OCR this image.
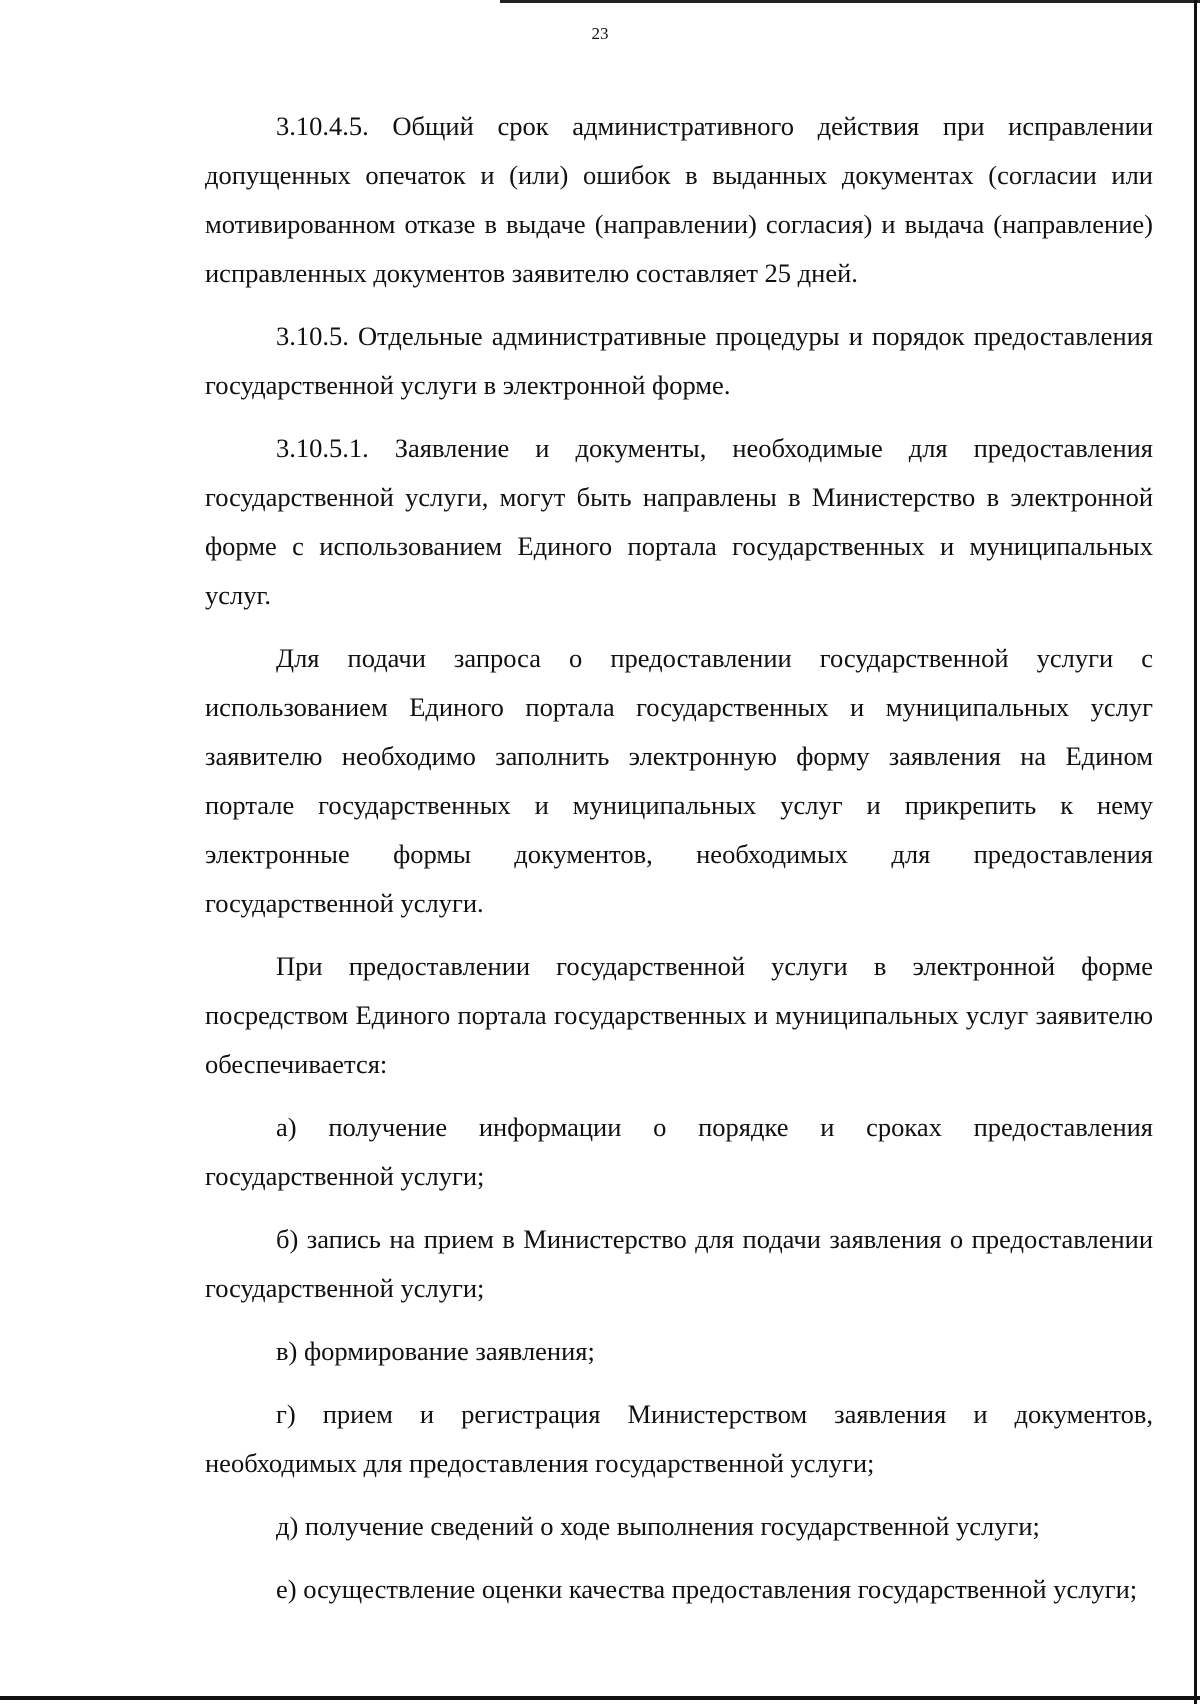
23

3.10.4.5. Общий срок административного действия при исправлении допущенных опечаток и (или) ошибок в выданных документах (согласии или мотивированном отказе в выдаче (направлении) согласия) и выдача (направление) исправленных документов заявителю составляет 25 дней.

3.10.5. Отдельные административные процедуры и порядок предоставления государственной услуги в электронной форме.

3.10.5.1. Заявление и документы, необходимые для предоставления государственной услуги, могут быть направлены в Министерство в электронной форме с использованием Единого портала государственных и муниципальных услуг.

Для подачи запроса о предоставлении государственной услуги с использованием Единого портала государственных и муниципальных услуг заявителю необходимо заполнить электронную форму заявления на Едином портале государственных и муниципальных услуг и прикрепить к нему электронные формы документов, необходимых для предоставления государственной услуги.

При предоставлении государственной услуги в электронной форме посредством Единого портала государственных и муниципальных услуг заявителю обеспечивается:

а) получение информации о порядке и сроках предоставления государственной услуги;

б) запись на прием в Министерство для подачи заявления о предоставлении государственной услуги;

в) формирование заявления;

г) прием и регистрация Министерством заявления и документов, необходимых для предоставления государственной услуги;

д) получение сведений о ходе выполнения государственной услуги;

е) осуществление оценки качества предоставления государственной услуги;
